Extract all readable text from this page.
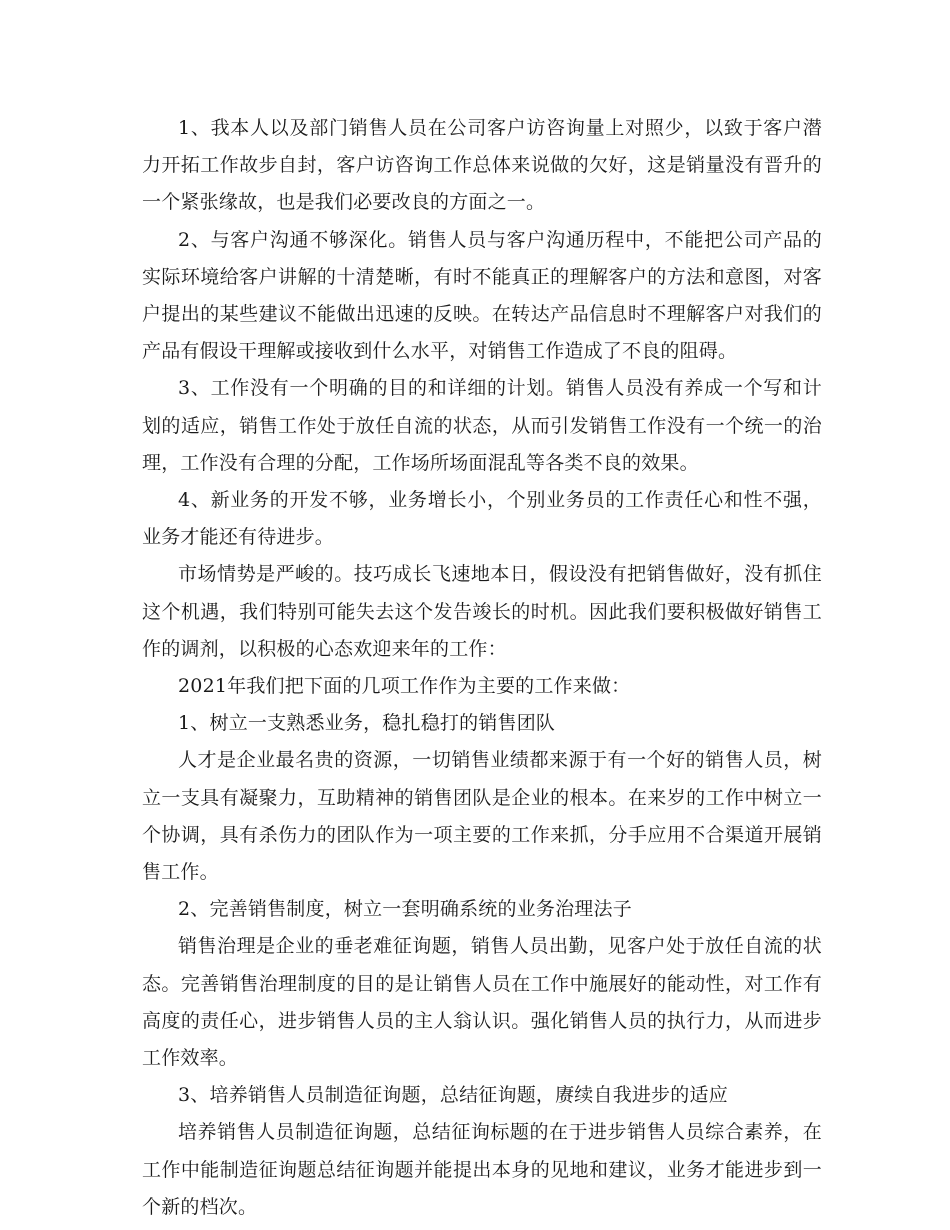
1、我本人以及部门销售人员在公司客户访咨询量上对照少，以致于客户潜力开拓工作故步自封，客户访咨询工作总体来说做的欠好，这是销量没有晋升的一个紧张缘故，也是我们必要改良的方面之一。

2、与客户沟通不够深化。销售人员与客户沟通历程中，不能把公司产品的实际环境给客户讲解的十清楚晰，有时不能真正的理解客户的方法和意图，对客户提出的某些建议不能做出迅速的反映。在转达产品信息时不理解客户对我们的产品有假设干理解或接收到什么水平，对销售工作造成了不良的阻碍。

3、工作没有一个明确的目的和详细的计划。销售人员没有养成一个写和计划的适应，销售工作处于放任自流的状态，从而引发销售工作没有一个统一的治理，工作没有合理的分配，工作场所场面混乱等各类不良的效果。

4、新业务的开发不够，业务增长小，个别业务员的工作责任心和性不强，业务才能还有待进步。

市场情势是严峻的。技巧成长飞速地本日，假设没有把销售做好，没有抓住这个机遇，我们特别可能失去这个发告竣长的时机。因此我们要积极做好销售工作的调剂，以积极的心态欢迎来年的工作：

2021年我们把下面的几项工作作为主要的工作来做：

1、树立一支熟悉业务，稳扎稳打的销售团队

人才是企业最名贵的资源，一切销售业绩都来源于有一个好的销售人员，树立一支具有凝聚力，互助精神的销售团队是企业的根本。在来岁的工作中树立一个协调，具有杀伤力的团队作为一项主要的工作来抓，分手应用不合渠道开展销售工作。

2、完善销售制度，树立一套明确系统的业务治理法子

销售治理是企业的垂老难征询题，销售人员出勤，见客户处于放任自流的状态。完善销售治理制度的目的是让销售人员在工作中施展好的能动性，对工作有高度的责任心，进步销售人员的主人翁认识。强化销售人员的执行力，从而进步工作效率。

3、培养销售人员制造征询题，总结征询题，赓续自我进步的适应

培养销售人员制造征询题，总结征询标题的在于进步销售人员综合素养，在工作中能制造征询题总结征询题并能提出本身的见地和建议，业务才能进步到一个新的档次。
